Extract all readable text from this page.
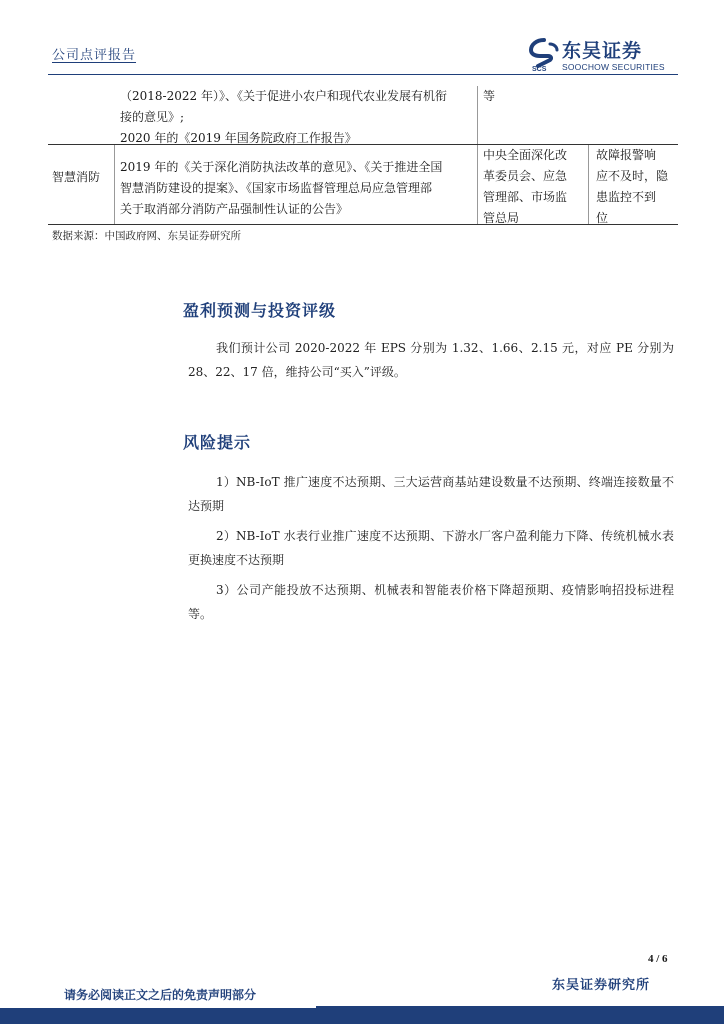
公司点评报告
SCS
东吴证券
SOOCHOW SECURITIES
（2018-2022 年）》、《关于促进小农户和现代农业发展有机衔
接的意见》;
2020 年的《2019 年国务院政府工作报告》
等
智慧消防
2019 年的《关于深化消防执法改革的意见》、《关于推进全国
智慧消防建设的提案》、《国家市场监督管理总局应急管理部
关于取消部分消防产品强制性认证的公告》
中央全面深化改
革委员会、应急
管理部、市场监
管总局
故障报警响
应不及时，隐
患监控不到
位
数据来源：中国政府网、东吴证券研究所
盈利预测与投资评级
我们预计公司 2020-2022 年 EPS 分别为 1.32、1.66、2.15 元，对应 PE 分别为 28、22、17 倍，维持公司“买入”评级。
风险提示
1）NB-IoT 推广速度不达预期、三大运营商基站建设数量不达预期、终端连接数量不达预期
2）NB-IoT 水表行业推广速度不达预期、下游水厂客户盈利能力下降、传统机械水表更换速度不达预期
3）公司产能投放不达预期、机械表和智能表价格下降超预期、疫情影响招投标进程等。
4 / 6
东吴证券研究所
请务必阅读正文之后的免责声明部分
